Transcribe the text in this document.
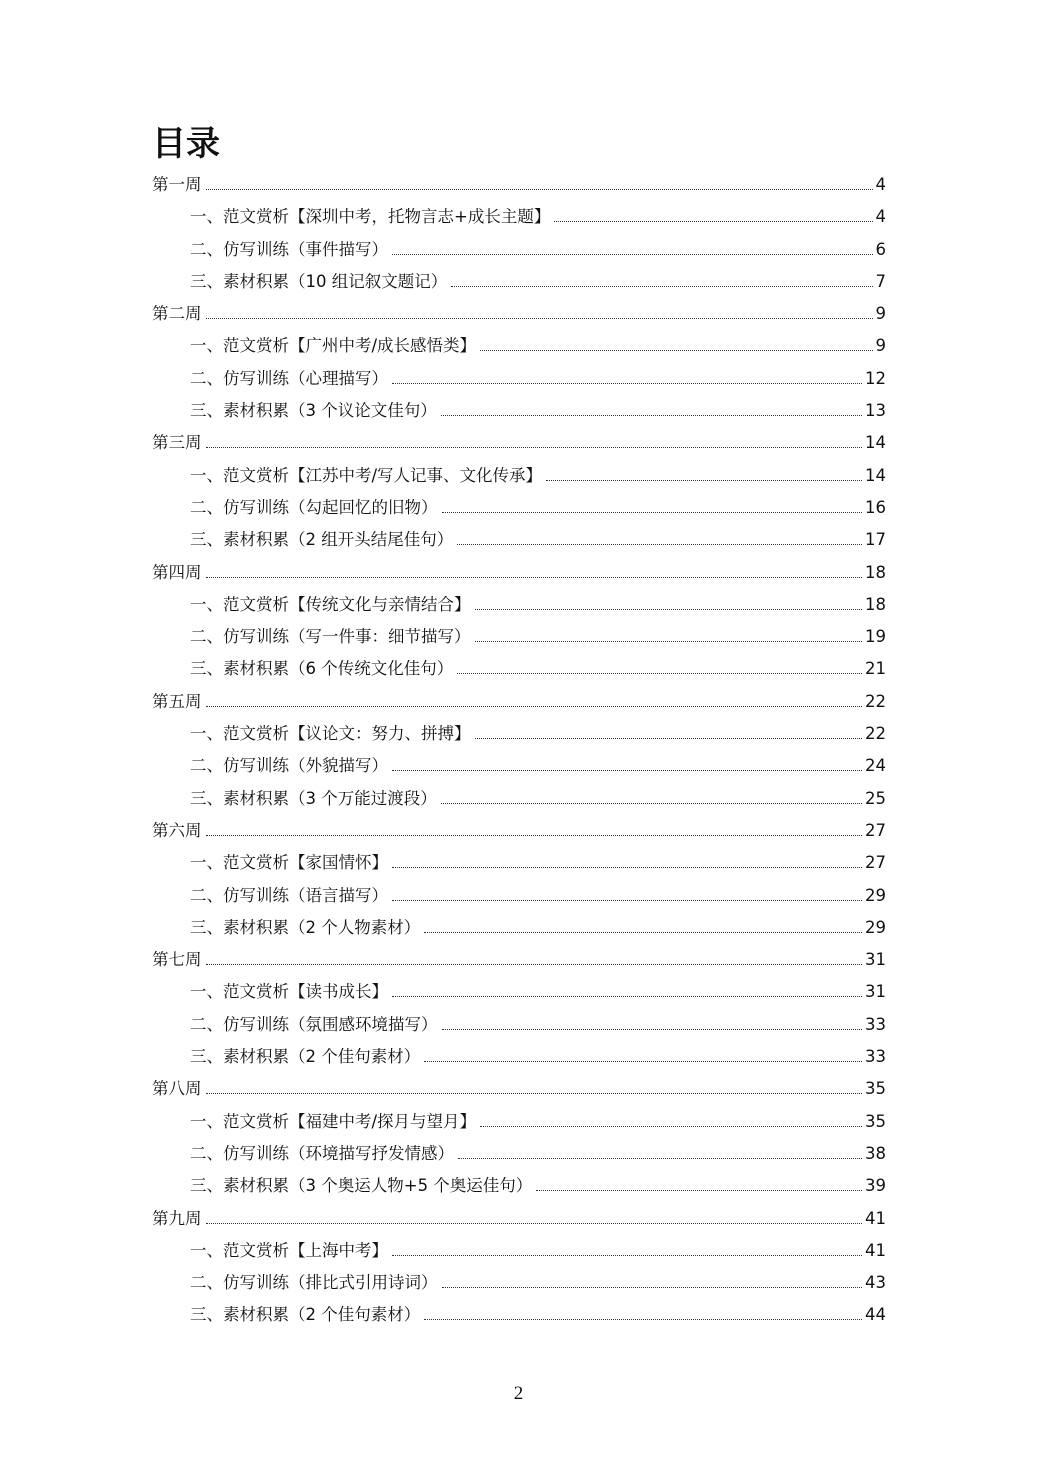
目录
第一周	4
一、范文赏析【深圳中考，托物言志+成长主题】	4
二、仿写训练（事件描写）	6
三、素材积累（10 组记叙文题记）	7
第二周	9
一、范文赏析【广州中考/成长感悟类】	9
二、仿写训练（心理描写）	12
三、素材积累（3 个议论文佳句）	13
第三周	14
一、范文赏析【江苏中考/写人记事、文化传承】	14
二、仿写训练（勾起回忆的旧物）	16
三、素材积累（2 组开头结尾佳句）	17
第四周	18
一、范文赏析【传统文化与亲情结合】	18
二、仿写训练（写一件事：细节描写）	19
三、素材积累（6 个传统文化佳句）	21
第五周	22
一、范文赏析【议论文：努力、拼搏】	22
二、仿写训练（外貌描写）	24
三、素材积累（3 个万能过渡段）	25
第六周	27
一、范文赏析【家国情怀】	27
二、仿写训练（语言描写）	29
三、素材积累（2 个人物素材）	29
第七周	31
一、范文赏析【读书成长】	31
二、仿写训练（氛围感环境描写）	33
三、素材积累（2 个佳句素材）	33
第八周	35
一、范文赏析【福建中考/探月与望月】	35
二、仿写训练（环境描写抒发情感）	38
三、素材积累（3 个奥运人物+5 个奥运佳句）	39
第九周	41
一、范文赏析【上海中考】	41
二、仿写训练（排比式引用诗词）	43
三、素材积累（2 个佳句素材）	44
2
